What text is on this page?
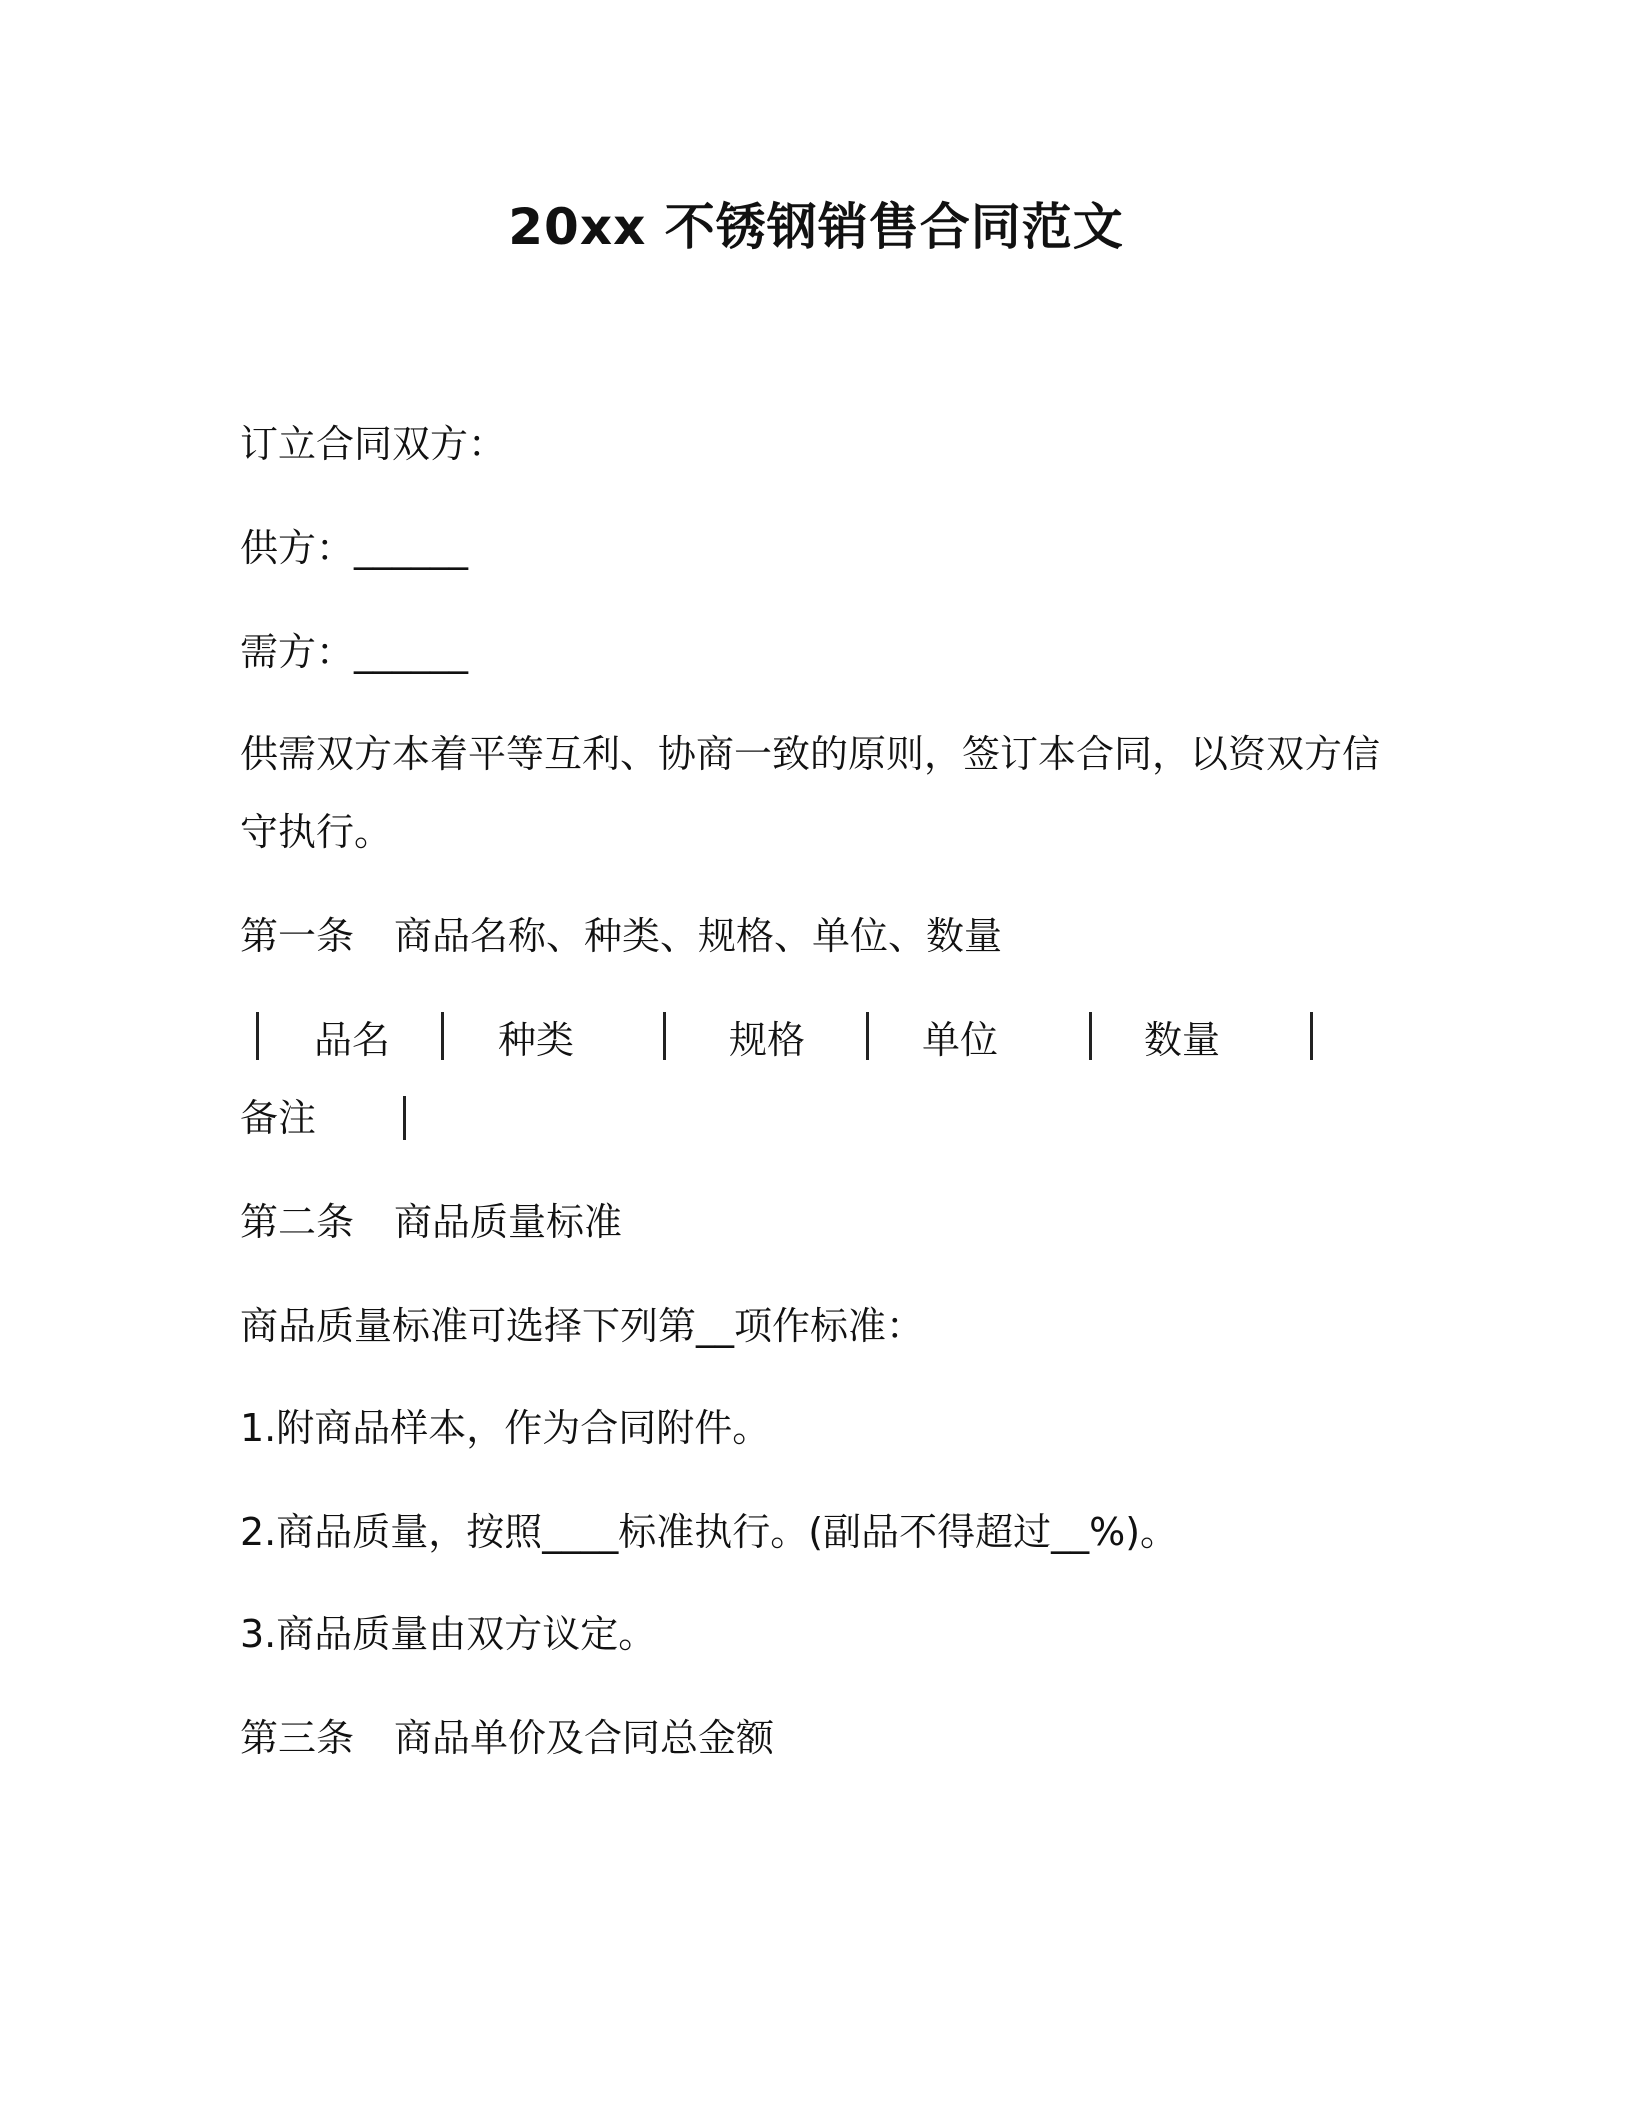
20xx 不锈钢销售合同范文
订立合同双方：
供方：______
需方：______
供需双方本着平等互利、协商一致的原则，签订本合同，以资双方信
守执行。
第一条 商品名称、种类、规格、单位、数量
品名	种类	规格	单位	数量
备注
第二条 商品质量标准
商品质量标准可选择下列第__项作标准：
1.附商品样本，作为合同附件。
2.商品质量，按照____标准执行。(副品不得超过__%)。
3.商品质量由双方议定。
第三条 商品单价及合同总金额
